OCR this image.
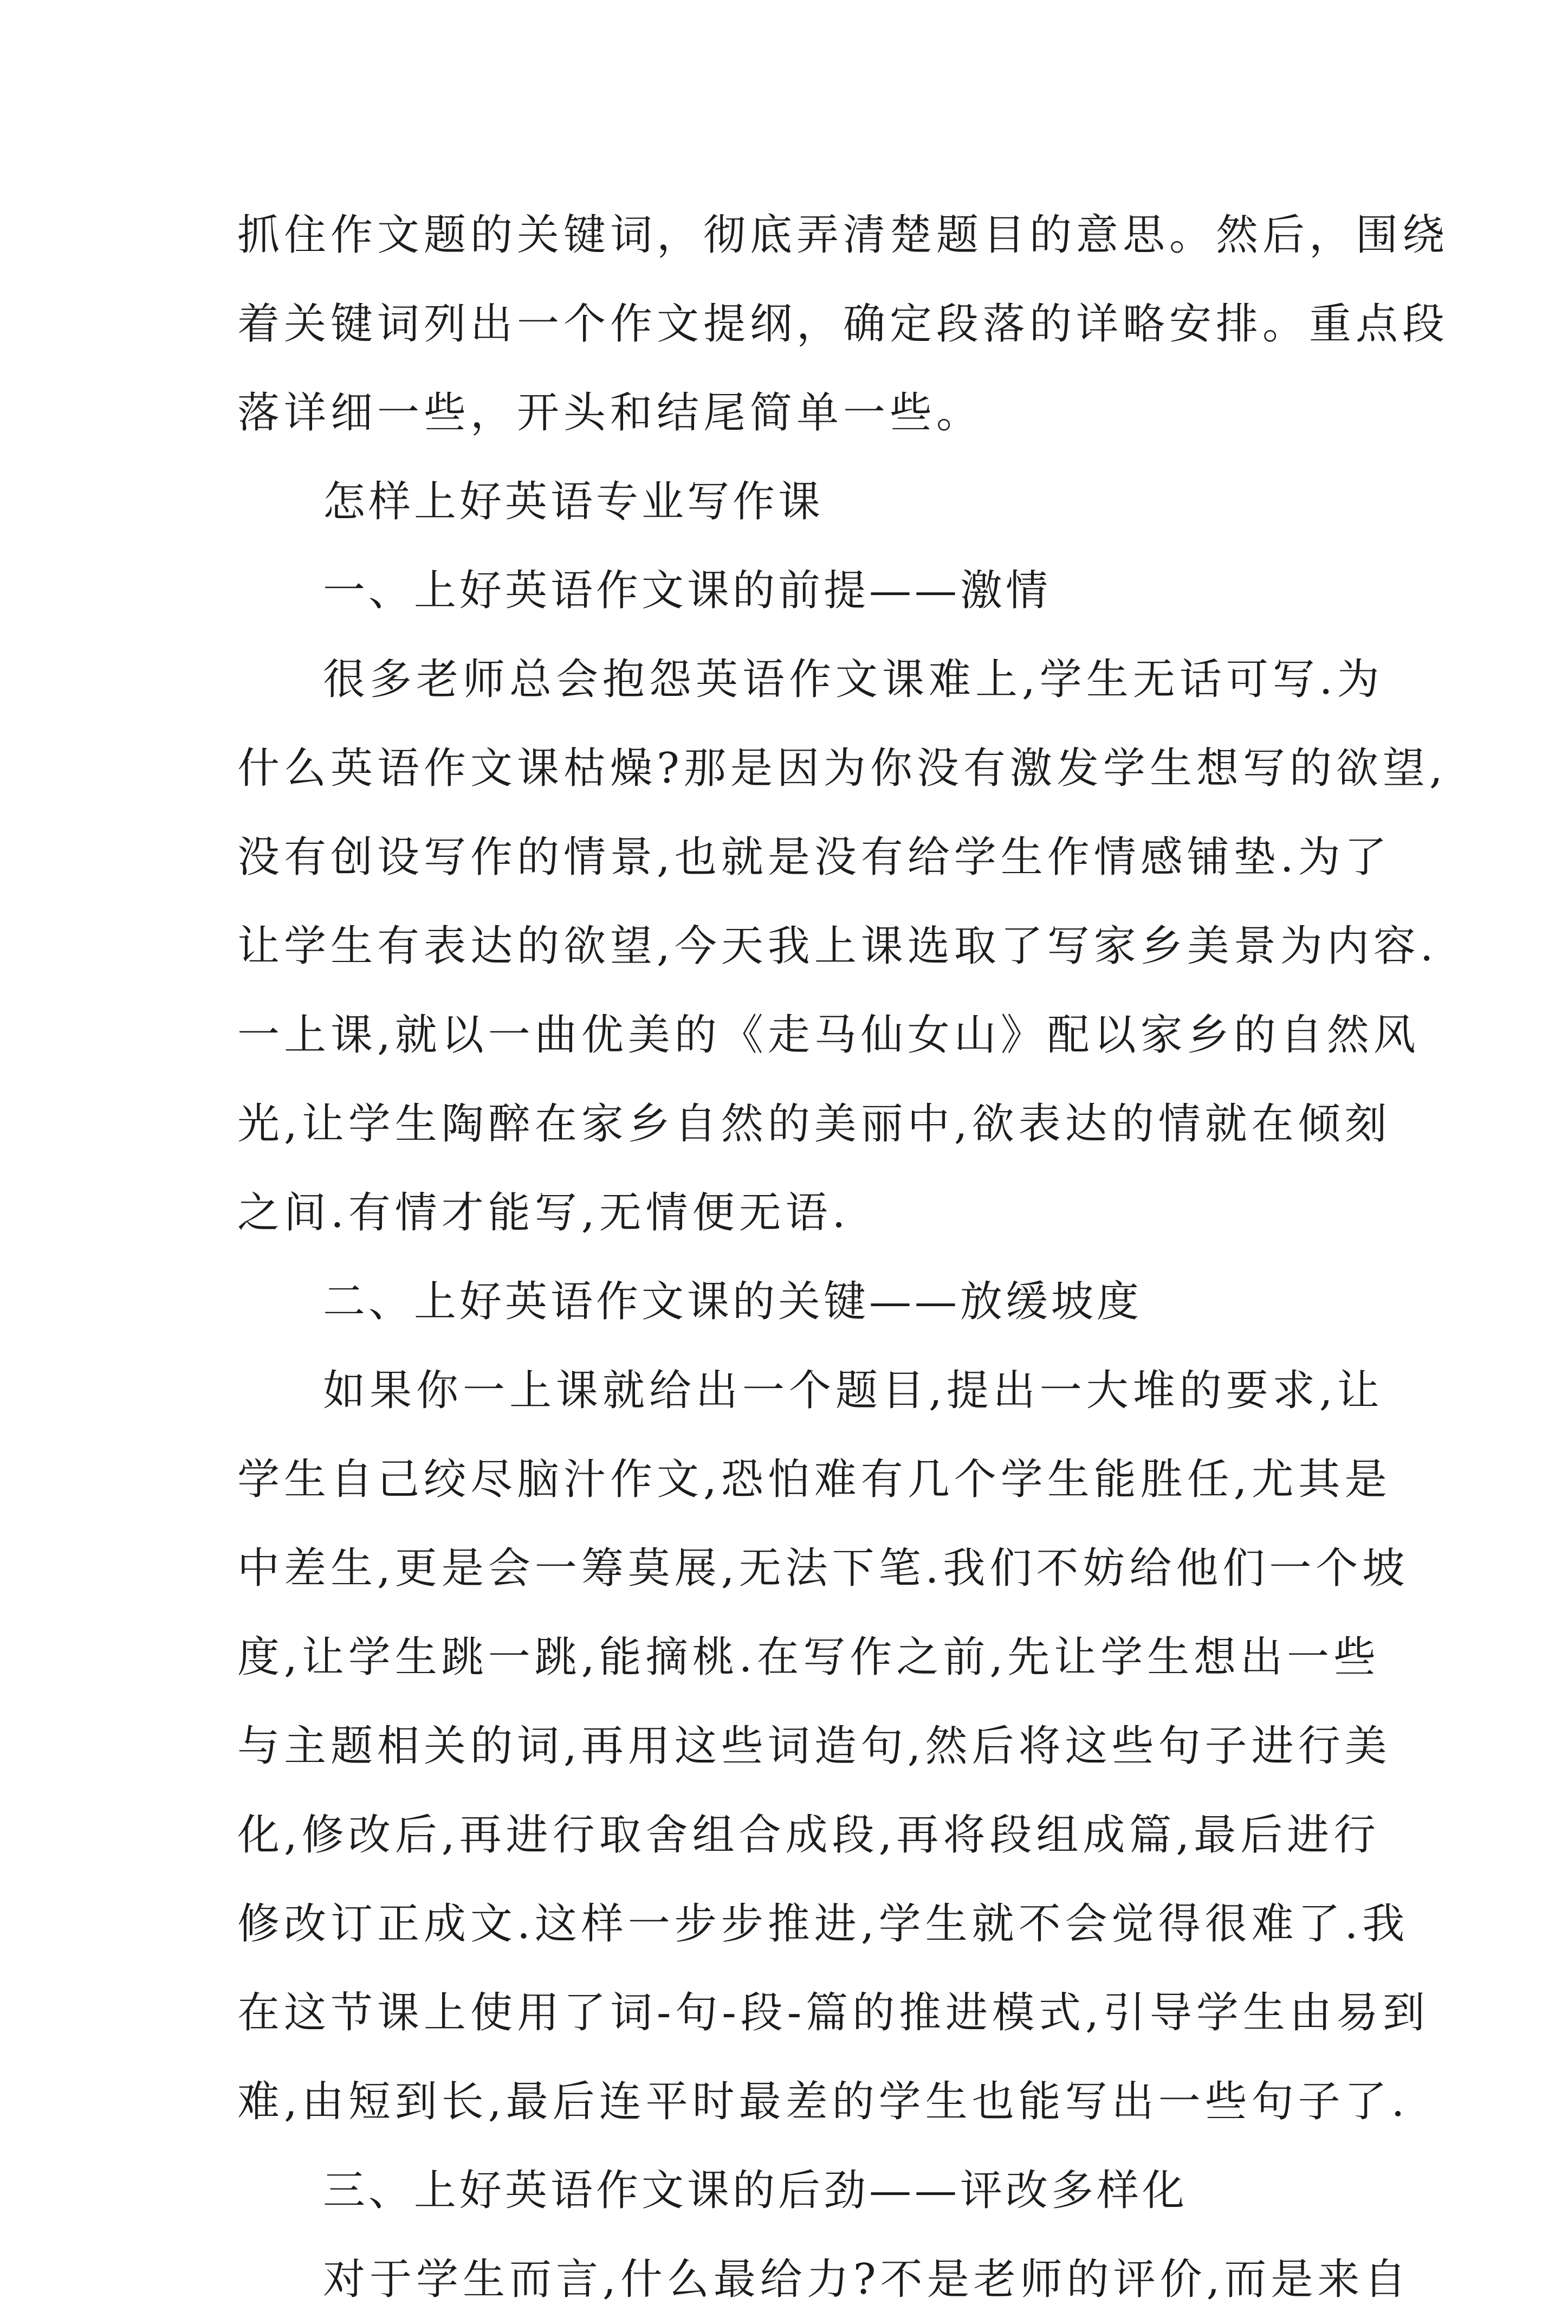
抓住作文题的关键词，彻底弄清楚题目的意思。然后，围绕
着关键词列出一个作文提纲，确定段落的详略安排。重点段
落详细一些，开头和结尾简单一些。
怎样上好英语专业写作课
一、上好英语作文课的前提——激情
很多老师总会抱怨英语作文课难上,学生无话可写.为
什么英语作文课枯燥?那是因为你没有激发学生想写的欲望,
没有创设写作的情景,也就是没有给学生作情感铺垫.为了
让学生有表达的欲望,今天我上课选取了写家乡美景为内容.
一上课,就以一曲优美的《走马仙女山》配以家乡的自然风
光,让学生陶醉在家乡自然的美丽中,欲表达的情就在倾刻
之间.有情才能写,无情便无语.
二、上好英语作文课的关键——放缓坡度
如果你一上课就给出一个题目,提出一大堆的要求,让
学生自己绞尽脑汁作文,恐怕难有几个学生能胜任,尤其是
中差生,更是会一筹莫展,无法下笔.我们不妨给他们一个坡
度,让学生跳一跳,能摘桃.在写作之前,先让学生想出一些
与主题相关的词,再用这些词造句,然后将这些句子进行美
化,修改后,再进行取舍组合成段,再将段组成篇,最后进行
修改订正成文.这样一步步推进,学生就不会觉得很难了.我
在这节课上使用了词-句-段-篇的推进模式,引导学生由易到
难,由短到长,最后连平时最差的学生也能写出一些句子了.
三、上好英语作文课的后劲——评改多样化
对于学生而言,什么最给力?不是老师的评价,而是来自
